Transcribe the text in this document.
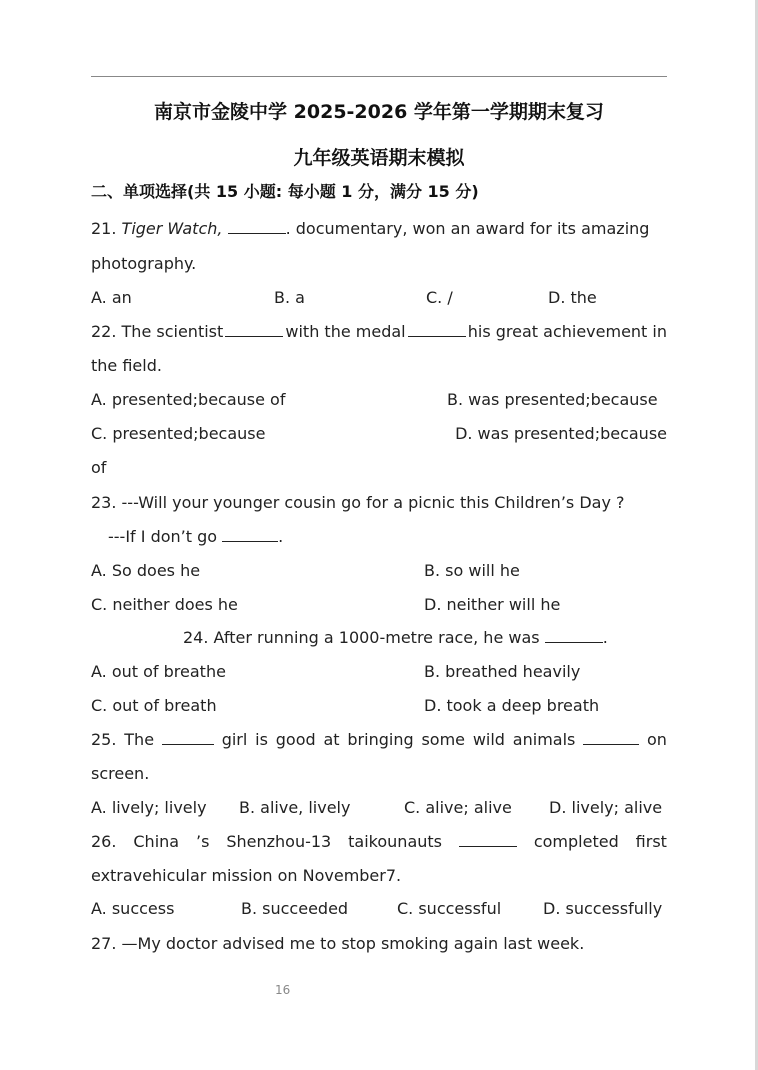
南京市金陵中学 2025-2026 学年第一学期期末复习
九年级英语期末模拟
二、单项选择(共 15 小题: 每小题 1 分，满分 15 分)
21. Tiger Watch,	. documentary, won an award for its amazing
photography.
A. an	B. a	C. /	D. the
22. The scientist	with the medal	his great achievement in
the field.
A. presented;because of	B. was presented;because
C. presented;because	D. was presented;because
of
23. ---Will your younger cousin go for a picnic this Children’s Day ?
---If I don’t go	.
A. So does he	B. so will he
C. neither does he	D. neither will he
24. After running a 1000-metre race, he was	.
A. out of breathe	B. breathed heavily
C. out of breath	D. took a deep breath
25. The	girl is good at bringing some wild animals	on
screen.
A. lively; lively B. alive, lively	C. alive; alive D. lively; alive
26. China ’s Shenzhou-13 taikounauts	completed first
extravehicular mission on November7.
A. success	B. succeeded	C. successful	D. successfully
27. —My doctor advised me to stop smoking again last week.
16
